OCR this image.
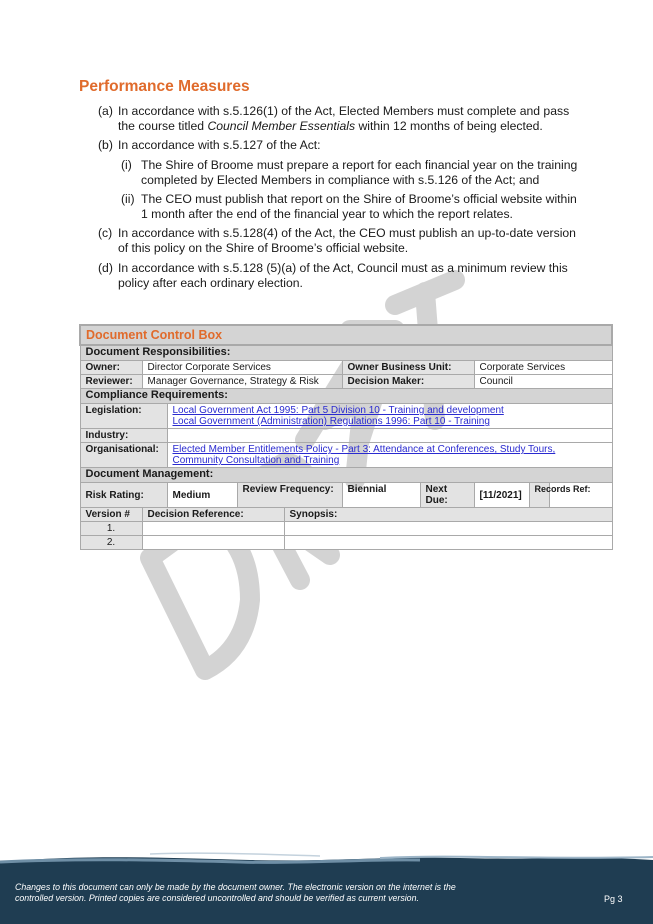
Performance Measures
(a) In accordance with s.5.126(1) of the Act, Elected Members must complete and pass
the course titled Council Member Essentials within 12 months of being elected.
(b) In accordance with s.5.127 of the Act:
(i) The Shire of Broome must prepare a report for each financial year on the training
completed by Elected Members in compliance with s.5.126 of the Act; and
(ii) The CEO must publish that report on the Shire of Broome’s official website within
1 month after the end of the financial year to which the report relates.
(c) In accordance with s.5.128(4) of the Act, the CEO must publish an up-to-date version
of this policy on the Shire of Broome’s official website.
(d) In accordance with s.5.128 (5)(a) of the Act, Council must as a minimum review this
policy after each ordinary election.
Document Control Box									
Document Responsibilities:									
Owner:	Director Corporate Services				Owner Business Unit:		Corporate Services		
Reviewer:	Manager Governance, Strategy & Risk				Decision Maker:		Council		
Compliance Requirements:									
Legislation:		Local Government Act 1995: Part 5 Division 10 - Training and development
Local Government (Administration) Regulations 1996: Part 10 - Training							

Industry:									
Organisational:		Elected Member Entitlements Policy - Part 3: Attendance at Conferences, Study Tours,
Community Consultation and Training							

Document Management:									
Risk Rating:		Medium	Review Frequency:		Biennial	Next Due:	[11/2021]	Records Ref:	
Version #	Decision Reference:			Synopsis:					
1.									
2.									

Changes to this document can only be made by the document owner. The electronic version on the internet is the
controlled version. Printed copies are considered uncontrolled and should be verified as current version.	Pg 3
